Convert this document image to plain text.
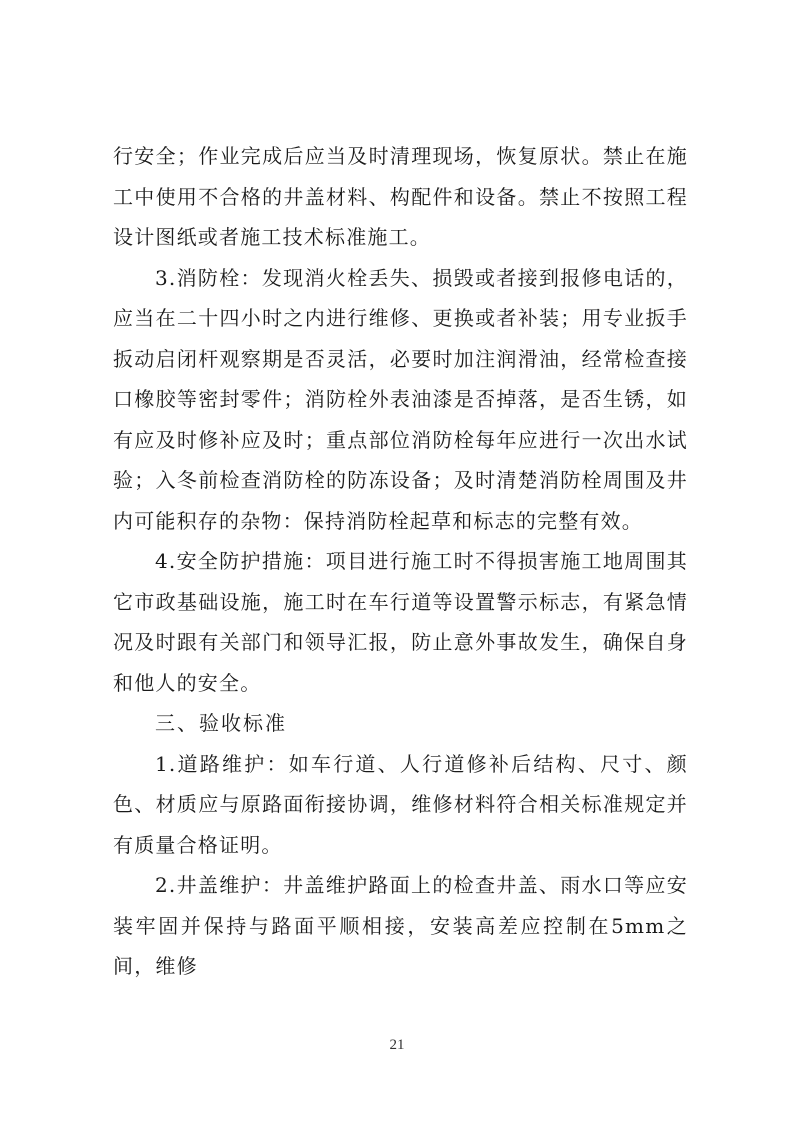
行安全；作业完成后应当及时清理现场，恢复原状。禁止在施工中使用不合格的井盖材料、构配件和设备。禁止不按照工程设计图纸或者施工技术标准施工。

3.消防栓：发现消火栓丢失、损毁或者接到报修电话的，应当在二十四小时之内进行维修、更换或者补装；用专业扳手扳动启闭杆观察期是否灵活，必要时加注润滑油，经常检查接口橡胶等密封零件；消防栓外表油漆是否掉落，是否生锈，如有应及时修补应及时；重点部位消防栓每年应进行一次出水试验；入冬前检查消防栓的防冻设备；及时清楚消防栓周围及井内可能积存的杂物：保持消防栓起草和标志的完整有效。

4.安全防护措施：项目进行施工时不得损害施工地周围其它市政基础设施，施工时在车行道等设置警示标志，有紧急情况及时跟有关部门和领导汇报，防止意外事故发生，确保自身和他人的安全。

三、验收标准

1.道路维护：如车行道、人行道修补后结构、尺寸、颜色、材质应与原路面衔接协调，维修材料符合相关标准规定并有质量合格证明。

2.井盖维护：井盖维护路面上的检查井盖、雨水口等应安装牢固并保持与路面平顺相接，安装高差应控制在5mm之间，维修

21
